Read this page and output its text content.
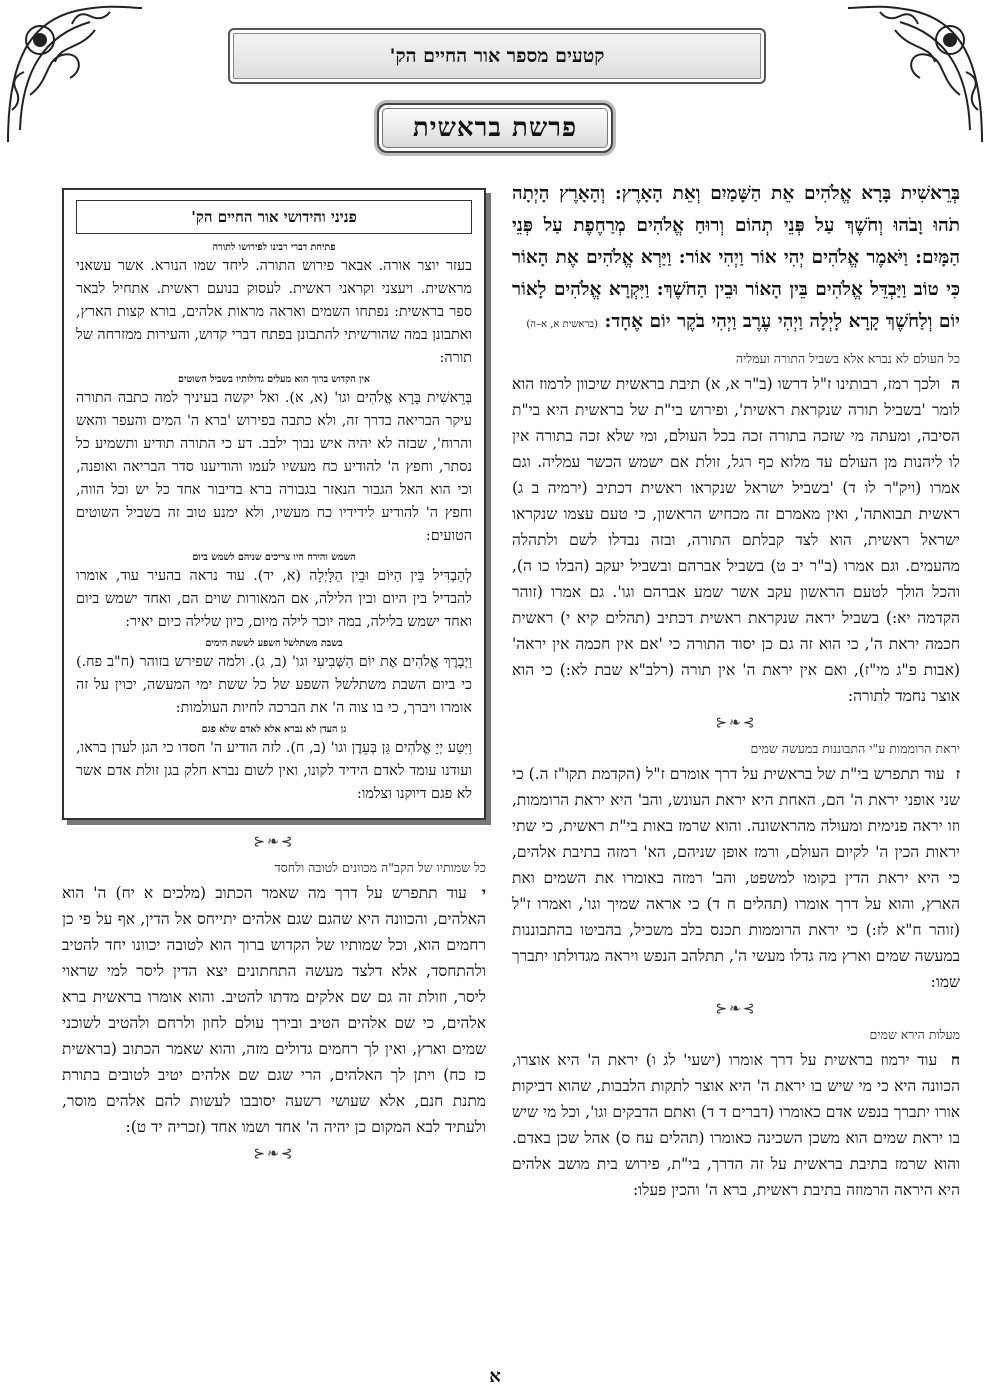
קטעים מספר אור החיים הק'
פרשת בראשית
בְּרֵאשִׁית בָּרָא אֱלֹהִים אֵת הַשָּׁמַיִם וְאֵת הָאָרֶץ: וְהָאָרֶץ הָיְתָה תֹהוּ וָבֹהוּ וְחֹשֶׁךְ עַל פְּנֵי תְהוֹם וְרוּחַ אֱלֹהִים מְרַחֶפֶת עַל פְּנֵי הַמָּיִם: וַיֹּאמֶר אֱלֹהִים יְהִי אוֹר וַיְהִי אוֹר: וַיַּרְא אֱלֹהִים אֶת הָאוֹר כִּי טוֹב וַיַּבְדֵּל אֱלֹהִים בֵּין הָאוֹר וּבֵין הַחֹשֶׁךְ: וַיִּקְרָא אֱלֹהִים לָאוֹר יוֹם וְלַחֹשֶׁךְ קָרָא לָיְלָה וַיְהִי עֶרֶב וַיְהִי בֹקֶר יוֹם אֶחָד: (בראשית א, א–ה)
כל העולם לא נברא אלא בשביל התורה ועמליה
ה ולכך רמז, רבותינו ז"ל דרשו (ב"ר א, א) תיבת בראשית שיכוון לרמוז הוא לומר 'בשביל תורה שנקראת ראשית', ופירוש בי"ת של בראשית היא בי"ת הסיבה, ומעתה מי שזכה בתורה זכה בכל העולם, ומי שלא זכה בתורה אין לו ליהנות מן העולם עד מלוא כף רגל, זולת אם ישמש הכשר עמליה. וגם אמרו (ויק"ר לו ד) 'בשביל ישראל שנקראו ראשית דכתיב (ירמיה ב ג) ראשית תבואתה', ואין מאמרם זה מכחיש הראשון, כי טעם עצמו שנקראו ישראל ראשית, הוא לצד קבלתם התורה, ובזה נבדלו לשם ולתהלה מהעמים. וגם אמרו (ב"ר יב ט) בשביל אברהם ובשביל יעקב (הבלו כו ה), והכל הולך לטעם הראשון עקב אשר שמע אברהם וגו'. גם אמרו (זוהר הקדמה יא:) בשביל יראה שנקראת ראשית דכתיב (תהלים קיא י) ראשית חכמה יראת ה', כי הוא זה גם כן יסוד התורה כי 'אם אין חכמה אין יראה' (אבות פ"ג מי"ז), ואם אין יראת ה' אין תורה (רלב"א שבת לא:) כי הוא אוצר נחמד לתורה:
⊱❧⊰
יראת הרוממות ע"י התבוננות במעשה שמים
ז עוד תתפרש בי"ת של בראשית על דרך אומרם ז"ל (הקדמת תקו"ז ה.) כי שני אופני יראת ה' הם, האחת היא יראת העונש, והב' היא יראת הרוממות, וזו יראה פנימית ומעולה מהראשונה. והוא שרמז באות בי"ת ראשית, כי שתי יראות הכין ה' לקיום העולם, ורמז אופן שניהם, הא' רמזה בתיבת אלהים, כי היא יראת הדין בקומו למשפט, והב' רמזה באומרו את השמים ואת הארץ, והוא על דרך אומרו (תהלים ח ד) כי אראה שמיך וגו', ואמרו ז"ל (זוהר ח"א לז:) כי יראת הרוממות תכנס בלב משכיל, בהביטו בהתבוננות במעשה שמים וארץ מה גדלו מעשי ה', תתלהב הנפש ויראה מגדולתו יתברך שמו:
⊱❧⊰
מעלות הירא שמים
ח עוד ירמוז בראשית על דרך אומרו (ישעי' לג ו) יראת ה' היא אוצרו, הכוונה היא כי מי שיש בו יראת ה' היא אוצר לתקות הלבבות, שהוא דביקות אורו יתברך בנפש אדם כאומרו (דברים ד ד) ואתם הדבקים וגו', וכל מי שיש בו יראת שמים הוא משכן השכינה כאומרו (תהלים עח ס) אהל שכן באדם. והוא שרמז בתיבת בראשית על זה הדרך, בי"ת, פירוש בית מושב אלהים היא היראה הרמוזה בתיבת ראשית, ברא ה' והכין פעלו:
פניני והידושי אור החיים הק'
פתיחת דברי רבינו לפירושו לתורה
בעזר יוצר אורה. אבאר פירוש התורה. ליחד שמו הנורא. אשר עשאני מראשית. ויעצני וקראני ראשית. לעסוק בנועם ראשית. אתחיל לבאר ספר בראשית: נפתחו השמים ואראה מראות אלהים, בורא קצות הארץ, ואתבונן במה שהורשיתי להתבונן בפתח דברי קדוש, והעירות ממזרחה של תורה:
אין הקדוש ברוך הוא מעלים גדולותיו בשביל השוטים
בְּרֵאשִׁית בָּרָא אֱלֹהִים וגו' (א, א). ואל יקשה בעיניך למה כתבה התורה עיקר הבריאה בדרך זה, ולא כתבה בפירוש 'ברא ה' המים והעפר והאש והרוח', שבזה לא יהיה איש נבוך ילבב. דע כי התורה תודיע ותשמיע כל נסתר, וחפץ ה' להודיע כח מעשיו לעמו והודיענו סדר הבריאה ואופנה, וכי הוא האל הגבור הנאזר בגבורה ברא בדיבור אחד כל יש וכל הווה, וחפץ ה' להודיע לידידיו כח מעשיו, ולא ימנע טוב זה בשביל השוטים הטועים:
השמש והירח היו צריכים שניהם לשמש ביום
לְהַבְדִּיל בֵּין הַיּוֹם וּבֵין הַלָּיְלָה (א, יד). עוד נראה בהעיר עוד, אומרו להבדיל בין היום ובין הלילה, אם המאורות שוים הם, ואחד ישמש ביום ואחד ישמש בלילה, במה יוכר לילה מיום, כיון שלילה כיום יאיר:
בשבת משתלשל השפע לששת הימים
וַיְבָרֶךְ אֱלֹהִים אֶת יוֹם הַשְּׁבִיעִי וגו' (ב, ג). ולמה שפירש בזוהר (ח"ב פח.) כי ביום השבת משתלשל השפע של כל ששת ימי המעשה, יכוין על זה אומרו ויברך, כי בו צוה ה' את הברכה לחיות העולמות:
גן העדן לא נברא אלא לאדם שלא פגם
וַיִּטַּע יְיָ אֱלֹהִים גַּן בְּעֵדֶן וגו' (ב, ח). לזה הודיע ה' חסדו כי הגן לעדן בראו, ועודנו עומד לאדם הידיד לקונו, ואין לשום נברא חלק בגן זולת אדם אשר לא פגם דיוקנו וצלמו:
⊱❧⊰
כל שמותיו של הקב"ה מכוונים לטובה ולחסד
י עוד תתפרש על דרך מה שאמר הכתוב (מלכים א יח) ה' הוא האלהים, והכוונה היא שהגם שגם אלהים יתייחס אל הדין, אף על פי כן רחמים הוא, וכל שמותיו של הקדוש ברוך הוא לטובה יכוונו יחד להטיב ולהתחסד, אלא דלצד מעשה התחתונים יצא הדין ליסר למי שראוי ליסר, וזולת זה גם שם אלקים מדתו להטיב. והוא אומרו בראשית ברא אלהים, כי שם אלהים הטיב ובירך עולם לחון ולרחם ולהטיב לשוכני שמים וארץ, ואין לך רחמים גדולים מזה, והוא שאמר הכתוב (בראשית כז כח) ויתן לך האלהים, הרי שגם שם אלהים יטיב לטובים בתורת מתנת חנם, אלא שעושי רשעה יסובבו לעשות להם אלהים מוסר, ולעתיד לבא המקום כן יהיה ה' אחד ושמו אחד (זכריה יד ט):
⊱❧⊰
א
